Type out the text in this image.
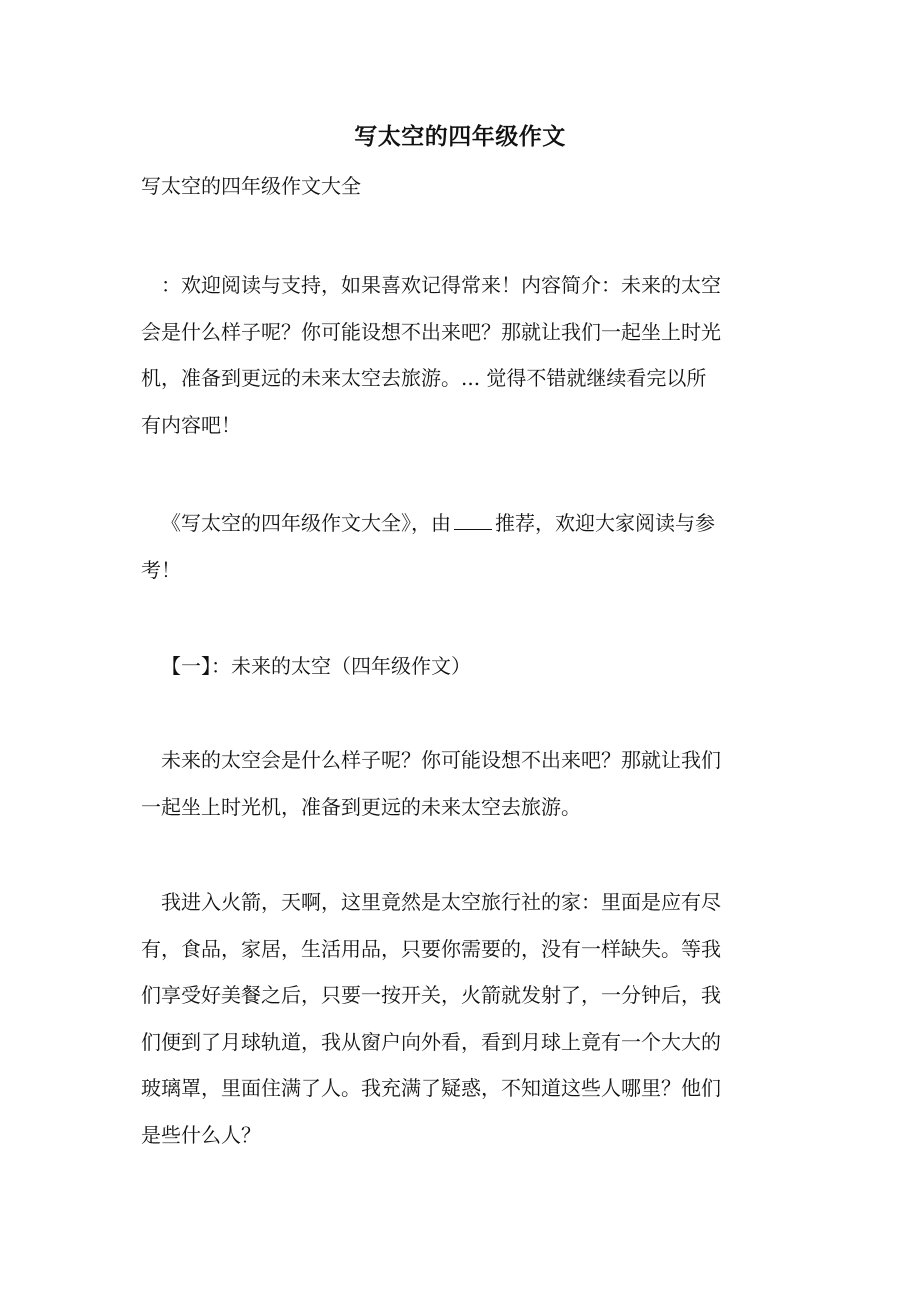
写太空的四年级作文
写太空的四年级作文大全
：欢迎阅读与支持，如果喜欢记得常来！内容简介：未来的太空
会是什么样子呢？你可能设想不出来吧？那就让我们一起坐上时光
机，准备到更远的未来太空去旅游。... 觉得不错就继续看完以所
有内容吧！
《写太空的四年级作文大全》，由 推荐，欢迎大家阅读与参
考！
【一】：未来的太空（四年级作文）
未来的太空会是什么样子呢？你可能设想不出来吧？那就让我们
一起坐上时光机，准备到更远的未来太空去旅游。
我进入火箭，天啊，这里竟然是太空旅行社的家：里面是应有尽
有，食品，家居，生活用品，只要你需要的，没有一样缺失。等我
们享受好美餐之后，只要一按开关，火箭就发射了，一分钟后，我
们便到了月球轨道，我从窗户向外看，看到月球上竟有一个大大的
玻璃罩，里面住满了人。我充满了疑惑，不知道这些人哪里？他们
是些什么人？
